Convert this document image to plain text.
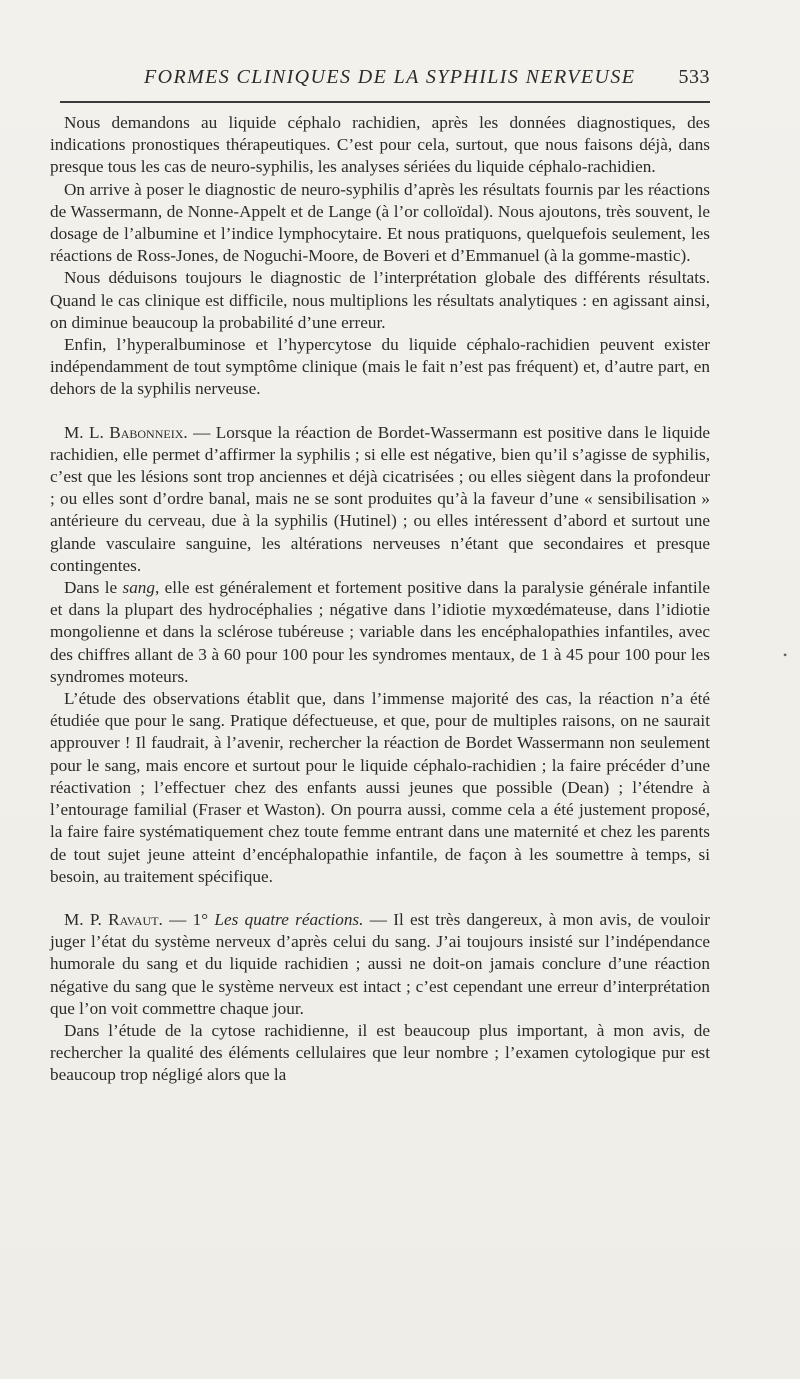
FORMES CLINIQUES DE LA SYPHILIS NERVEUSE 533

Nous demandons au liquide céphalo rachidien, après les données diagnostiques, des indications pronostiques thérapeutiques. C’est pour cela, surtout, que nous faisons déjà, dans presque tous les cas de neuro-syphilis, les analyses sériées du liquide céphalo-rachidien.

On arrive à poser le diagnostic de neuro-syphilis d’après les résultats fournis par les réactions de Wassermann, de Nonne-Appelt et de Lange (à l’or colloïdal). Nous ajoutons, très souvent, le dosage de l’albumine et l’indice lymphocytaire. Et nous pratiquons, quelquefois seulement, les réactions de Ross-Jones, de Noguchi-Moore, de Boveri et d’Emmanuel (à la gomme-mastic).

Nous déduisons toujours le diagnostic de l’interprétation globale des différents résultats. Quand le cas clinique est difficile, nous multiplions les résultats analytiques : en agissant ainsi, on diminue beaucoup la probabilité d’une erreur.

Enfin, l’hyperalbuminose et l’hypercytose du liquide céphalo-rachidien peuvent exister indépendamment de tout symptôme clinique (mais le fait n’est pas fréquent) et, d’autre part, en dehors de la syphilis nerveuse.

M. L. Babonneix. — Lorsque la réaction de Bordet-Wassermann est positive dans le liquide rachidien, elle permet d’affirmer la syphilis ; si elle est négative, bien qu’il s’agisse de syphilis, c’est que les lésions sont trop anciennes et déjà cicatrisées ; ou elles siègent dans la profondeur ; ou elles sont d’ordre banal, mais ne se sont produites qu’à la faveur d’une « sensibilisation » antérieure du cerveau, due à la syphilis (Hutinel) ; ou elles intéressent d’abord et surtout une glande vasculaire sanguine, les altérations nerveuses n’étant que secondaires et presque contingentes.

Dans le sang, elle est généralement et fortement positive dans la paralysie générale infantile et dans la plupart des hydrocéphalies ; négative dans l’idiotie myxœdémateuse, dans l’idiotie mongolienne et dans la sclérose tubéreuse ; variable dans les encéphalopathies infantiles, avec des chiffres allant de 3 à 60 pour 100 pour les syndromes mentaux, de 1 à 45 pour 100 pour les syndromes moteurs.

L’étude des observations établit que, dans l’immense majorité des cas, la réaction n’a été étudiée que pour le sang. Pratique défectueuse, et que, pour de multiples raisons, on ne saurait approuver ! Il faudrait, à l’avenir, rechercher la réaction de Bordet Wassermann non seulement pour le sang, mais encore et surtout pour le liquide céphalo-rachidien ; la faire précéder d’une réactivation ; l’effectuer chez des enfants aussi jeunes que possible (Dean) ; l’étendre à l’entourage familial (Fraser et Waston). On pourra aussi, comme cela a été justement proposé, la faire faire systématiquement chez toute femme entrant dans une maternité et chez les parents de tout sujet jeune atteint d’encéphalopathie infantile, de façon à les soumettre à temps, si besoin, au traitement spécifique.

M. P. Ravaut. — 1° Les quatre réactions. — Il est très dangereux, à mon avis, de vouloir juger l’état du système nerveux d’après celui du sang. J’ai toujours insisté sur l’indépendance humorale du sang et du liquide rachidien ; aussi ne doit-on jamais conclure d’une réaction négative du sang que le système nerveux est intact ; c’est cependant une erreur d’interprétation que l’on voit commettre chaque jour.

Dans l’étude de la cytose rachidienne, il est beaucoup plus important, à mon avis, de rechercher la qualité des éléments cellulaires que leur nombre ; l’examen cytologique pur est beaucoup trop négligé alors que la

•
